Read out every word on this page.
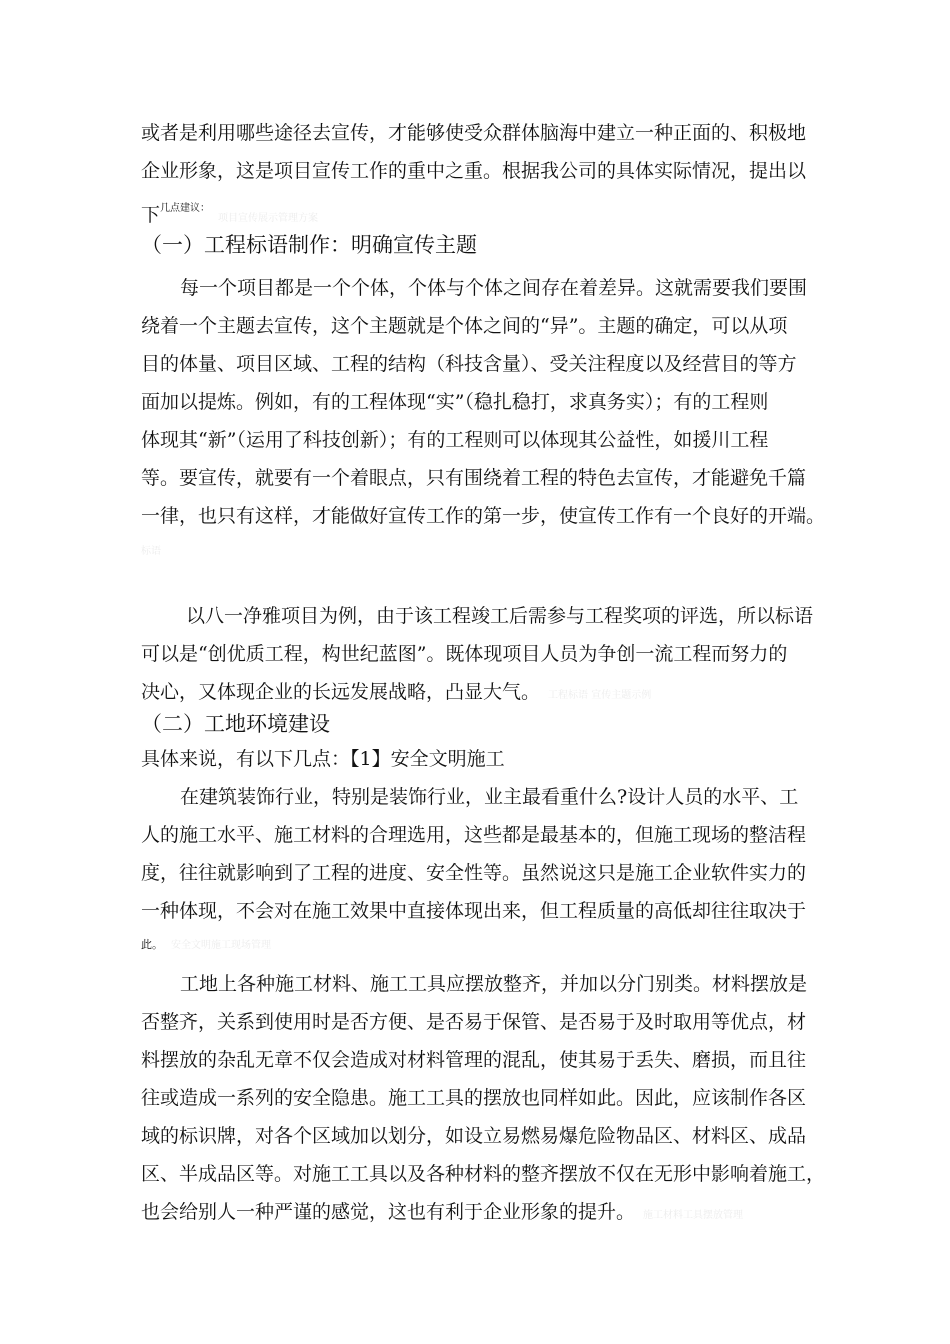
或者是利用哪些途径去宣传，才能够使受众群体脑海中建立一种正面的、积极地
企业形象，这是项目宣传工作的重中之重。根据我公司的具体实际情况，提出以
下$^{几点建议:}$项目宣传展示管理方案
（一）工程标语制作：明确宣传主题
每一个项目都是一个个体，个体与个体之间存在着差异。这就需要我们要围
绕着一个主题去宣传，这个主题就是个体之间的“异”。主题的确定，可以从项
目的体量、项目区域、工程的结构（科技含量）、受关注程度以及经营目的等方
面加以提炼。例如，有的工程体现“实”（稳扎稳打，求真务实）；有的工程则
体现其“新”（运用了科技创新）；有的工程则可以体现其公益性，如援川工程
等。要宣传，就要有一个着眼点，只有围绕着工程的特色去宣传，才能避免千篇
一律，也只有这样，才能做好宣传工作的第一步，使宣传工作有一个良好的开端。
标语
以八一净雅项目为例，由于该工程竣工后需参与工程奖项的评选，所以标语
可以是“创优质工程，构世纪蓝图”。既体现项目人员为争创一流工程而努力的
决心，又体现企业的长远发展战略，凸显大气。 工程标语 宣传主题示例
（二）工地环境建设
具体来说，有以下几点：【1】安全文明施工
在建筑装饰行业，特别是装饰行业，业主最看重什么?设计人员的水平、工
人的施工水平、施工材料的合理选用，这些都是最基本的，但施工现场的整洁程
度，往往就影响到了工程的进度、安全性等。虽然说这只是施工企业软件实力的
一种体现，不会对在施工效果中直接体现出来，但工程质量的高低却往往取决于
此。 安全文明施工现场管理
工地上各种施工材料、施工工具应摆放整齐，并加以分门别类。材料摆放是
否整齐，关系到使用时是否方便、是否易于保管、是否易于及时取用等优点，材
料摆放的杂乱无章不仅会造成对材料管理的混乱，使其易于丢失、磨损，而且往
往或造成一系列的安全隐患。施工工具的摆放也同样如此。因此，应该制作各区
域的标识牌，对各个区域加以划分，如设立易燃易爆危险物品区、材料区、成品
区、半成品区等。对施工工具以及各种材料的整齐摆放不仅在无形中影响着施工，
也会给别人一种严谨的感觉，这也有利于企业形象的提升。 施工材料工具摆放管理
